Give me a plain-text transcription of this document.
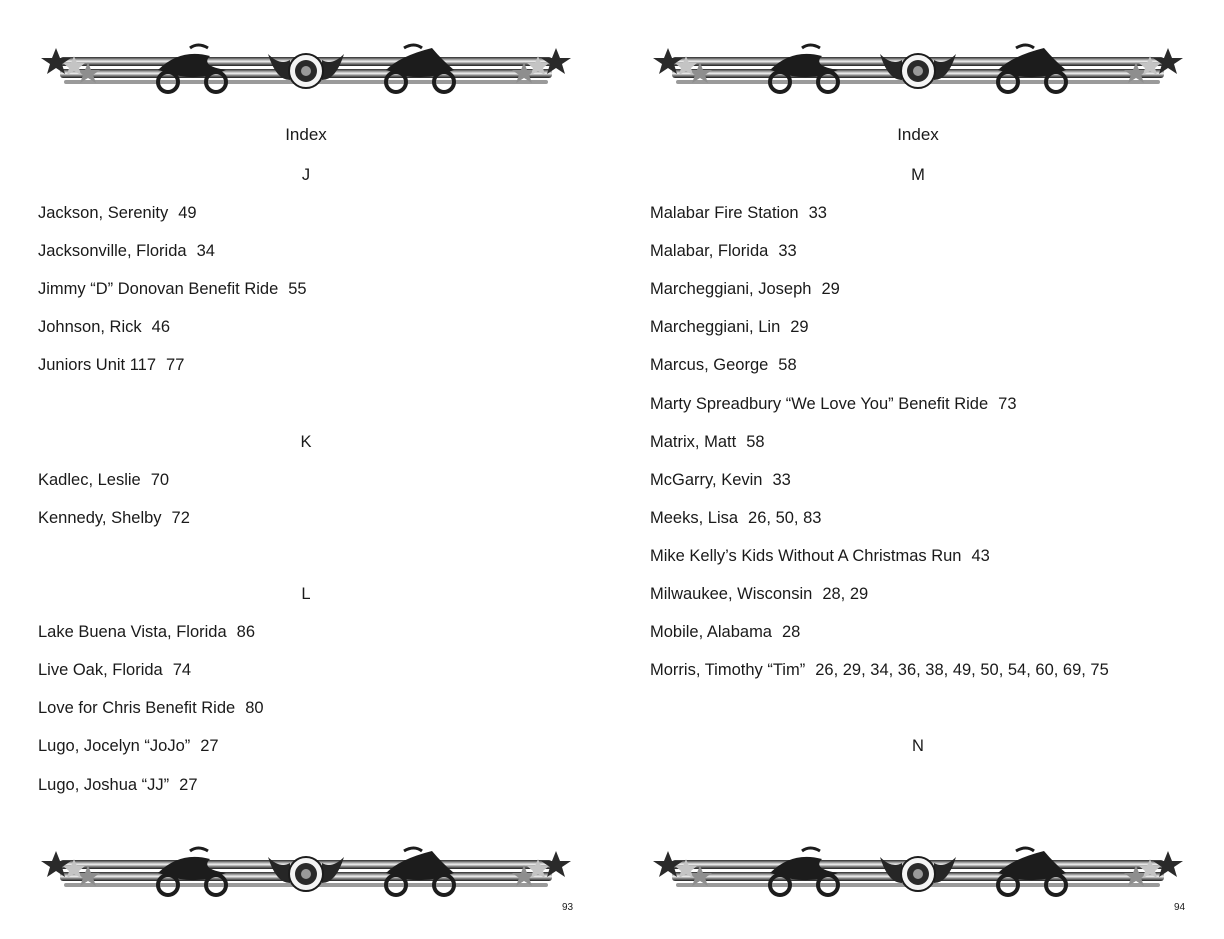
Index
J
Jackson, Serenity 49
Jacksonville, Florida 34
Jimmy “D” Donovan Benefit Ride 55
Johnson, Rick 46
Juniors Unit 117 77
K
Kadlec, Leslie 70
Kennedy, Shelby 72
L
Lake Buena Vista, Florida 86
Live Oak, Florida 74
Love for Chris Benefit Ride 80
Lugo, Jocelyn “JoJo” 27
Lugo, Joshua “JJ” 27
93
Index
M
Malabar Fire Station 33
Malabar, Florida 33
Marcheggiani, Joseph 29
Marcheggiani, Lin 29
Marcus, George 58
Marty Spreadbury “We Love You” Benefit Ride 73
Matrix, Matt 58
McGarry, Kevin 33
Meeks, Lisa 26, 50, 83
Mike Kelly’s Kids Without A Christmas Run 43
Milwaukee, Wisconsin 28, 29
Mobile, Alabama 28
Morris, Timothy “Tim” 26, 29, 34, 36, 38, 49, 50, 54, 60, 69, 75
N
94
